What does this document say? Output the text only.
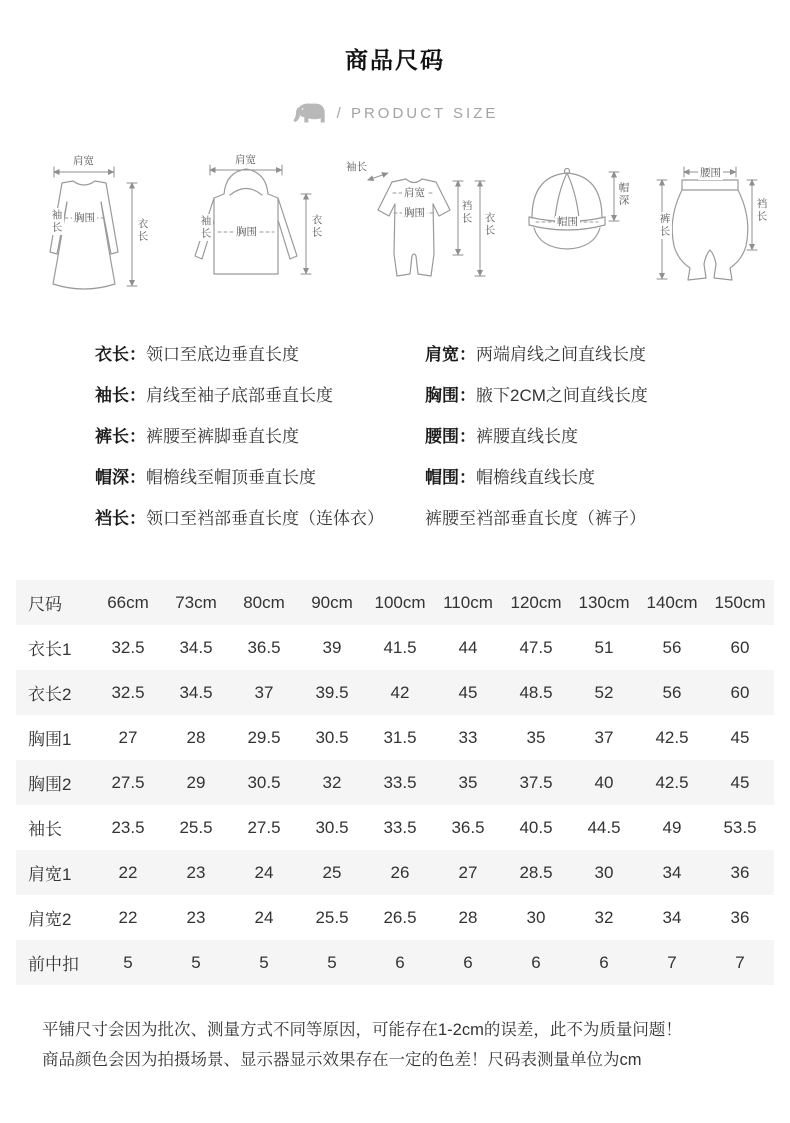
商品尺码
/ PRODUCT SIZE
肩宽
袖长 胸围	衣长
肩宽
袖长 胸围	衣长
袖长
肩宽
胸围	裆长 衣长	帽围
帽深
腰围
裤长
裆长
衣长：领口至底边垂直长度	肩宽：两端肩线之间直线长度
袖长：肩线至袖子底部垂直长度	胸围：腋下2CM之间直线长度
裤长：裤腰至裤脚垂直长度	腰围：裤腰直线长度
帽深：帽檐线至帽顶垂直长度	帽围：帽檐线直线长度
裆长：领口至裆部垂直长度（连体衣）	裤腰至裆部垂直长度（裤子）
尺码	66cm	73cm	80cm	90cm	100cm	110cm	120cm	130cm	140cm	150cm
衣长1	32.5	34.5	36.5	39	41.5	44	47.5	51	56	60
衣长2	32.5	34.5	37	39.5	42	45	48.5	52	56	60
胸围1	27	28	29.5	30.5	31.5	33	35	37	42.5	45
胸围2	27.5	29	30.5	32	33.5	35	37.5	40	42.5	45
袖长	23.5	25.5	27.5	30.5	33.5	36.5	40.5	44.5	49	53.5
肩宽1	22	23	24	25	26	27	28.5	30	34	36
肩宽2	22	23	24	25.5	26.5	28	30	32	34	36
前中扣	5	5	5	5	6	6	6	6	7	7

平铺尺寸会因为批次、测量方式不同等原因，可能存在1-2cm的误差，此不为质量问题！

商品颜色会因为拍摄场景、显示器显示效果存在一定的色差！尺码表测量单位为cm
